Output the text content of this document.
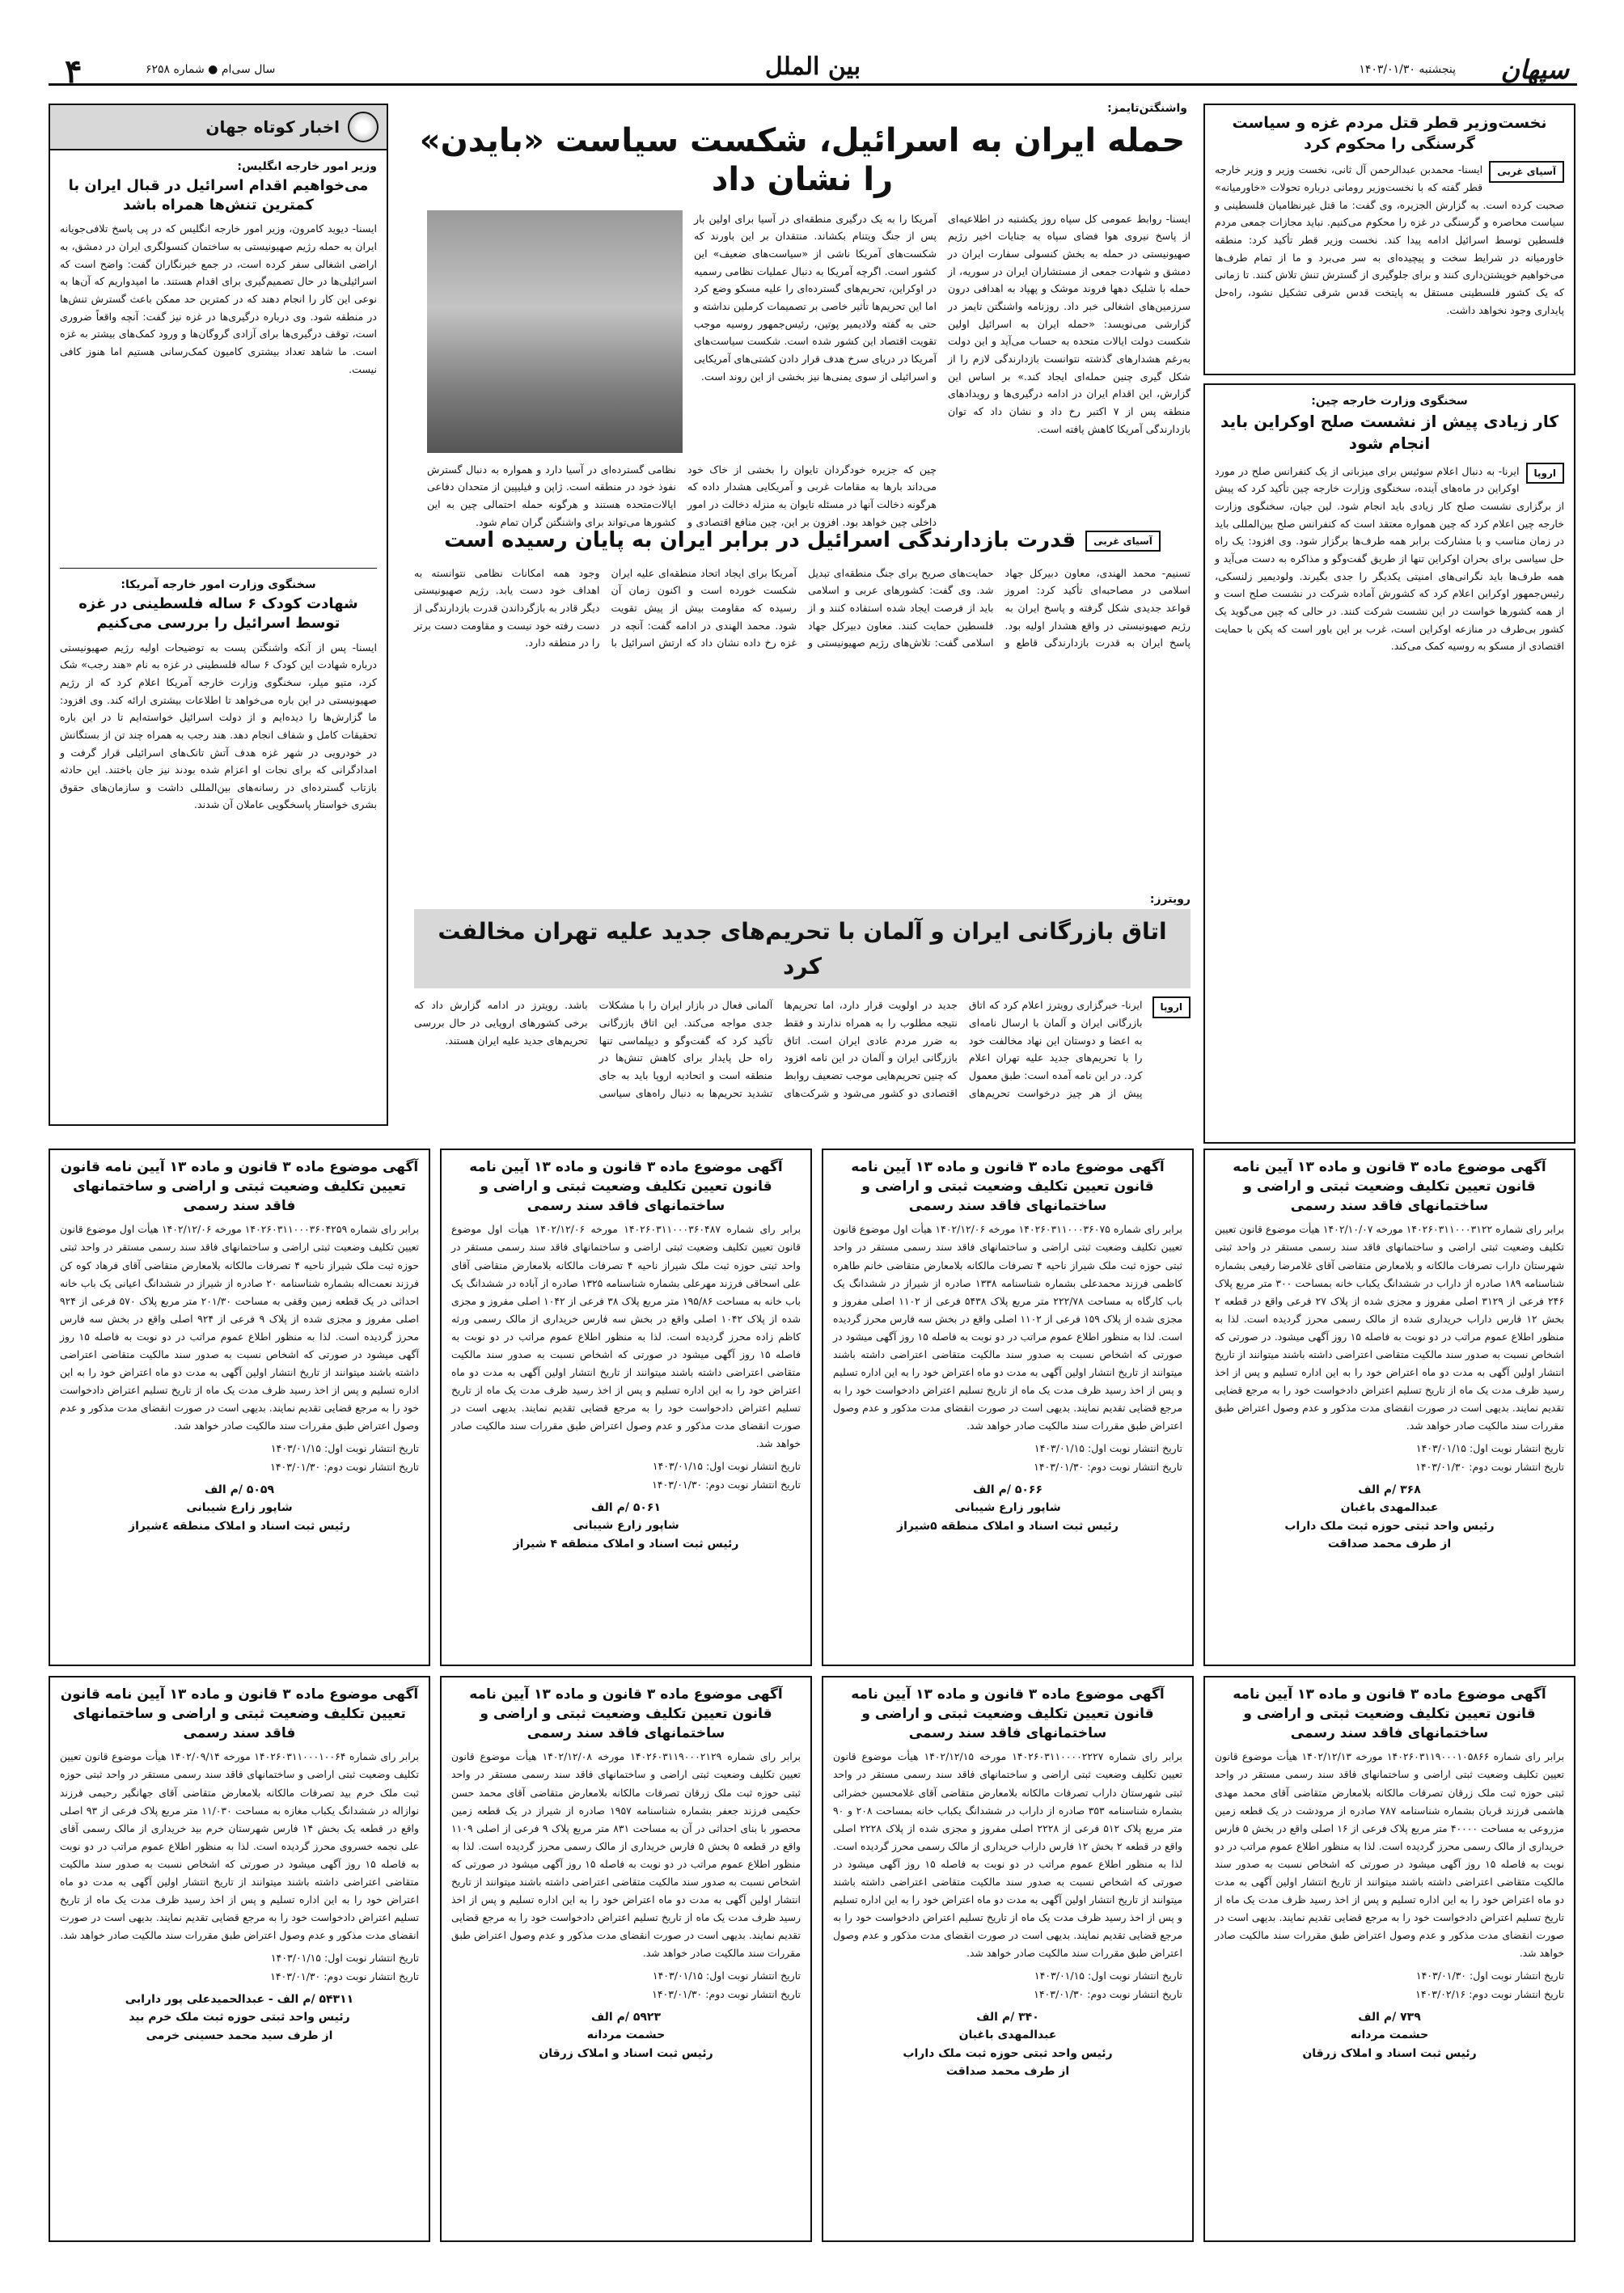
سپهان
پنجشنبه ۱۴۰۳/۰۱/۳۰
بین الملل
سال سی‌ام ● شماره ۶۲۵۸
۴
نخست‌وزیر قطر قتل مردم غزه و سیاست گرسنگی را محکوم کرد
آسیای غربی
ایسنا- محمدبن عبدالرحمن آل ثانی، نخست وزیر و وزیر خارجه قطر گفته که با نخست‌وزیر رومانی درباره تحولات «خاورمیانه» صحبت کرده است. به گزارش الجزیره، وی گفت: ما قتل غیرنظامیان فلسطینی و سیاست محاصره و گرسنگی در غزه را محکوم می‌کنیم. نباید مجازات جمعی مردم فلسطین توسط اسرائیل ادامه پیدا کند. نخست وزیر قطر تأکید کرد: منطقه خاورمیانه در شرایط سخت و پیچیده‌ای به سر می‌برد و ما از تمام طرف‌ها می‌خواهیم خویشتن‌داری کنند و برای جلوگیری از گسترش تنش تلاش کنند. تا زمانی که یک کشور فلسطینی مستقل به پایتخت قدس شرقی تشکیل نشود، راه‌حل پایداری وجود نخواهد داشت.
سخنگوی وزارت خارجه چین:
کار زیادی پیش از نشست صلح اوکراین باید انجام شود
اروپا
ایرنا- به دنبال اعلام سوئیس برای میزبانی از یک کنفرانس صلح در مورد اوکراین در ماه‌های آینده، سخنگوی وزارت خارجه چین تأکید کرد که پیش از برگزاری نشست صلح کار زیادی باید انجام شود. لین جیان، سخنگوی وزارت خارجه چین اعلام کرد که چین همواره معتقد است که کنفرانس صلح بین‌المللی باید در زمان مناسب و با مشارکت برابر همه طرف‌ها برگزار شود. وی افزود: یک راه حل سیاسی برای بحران اوکراین تنها از طریق گفت‌وگو و مذاکره به دست می‌آید و همه طرف‌ها باید نگرانی‌های امنیتی یکدیگر را جدی بگیرند. ولودیمیر زلنسکی، رئیس‌جمهور اوکراین اعلام کرد که کشورش آماده شرکت در نشست صلح است و از همه کشورها خواست در این نشست شرکت کنند. در حالی که چین می‌گوید یک کشور بی‌طرف در منازعه اوکراین است، غرب بر این باور است که پکن با حمایت اقتصادی از مسکو به روسیه کمک می‌کند.
واشنگتن‌تایمز:
حمله ایران به اسرائیل، شکست سیاست «بایدن» را نشان داد
ایسنا- روابط عمومی کل سپاه روز یکشنبه در اطلاعیه‌ای از پاسخ نیروی هوا فضای سپاه به جنایات اخیر رژیم صهیونیستی در حمله به بخش کنسولی سفارت ایران در دمشق و شهادت جمعی از مستشاران ایران در سوریه، از حمله با شلیک دهها فروند موشک و پهپاد به اهدافی درون سرزمین‌های اشغالی خبر داد. روزنامه واشنگتن تایمز در گزارشی می‌نویسد: «حمله ایران به اسرائیل اولین شکست دولت ایالات متحده به حساب می‌آید و این دولت به‌رغم هشدارهای گذشته نتوانست بازدارندگی لازم را از شکل گیری چنین حمله‌ای ایجاد کند.» بر اساس این گزارش، این اقدام ایران در ادامه درگیری‌ها و رویدادهای منطقه پس از ۷ اکتبر رخ داد و نشان داد که توان بازدارندگی آمریکا کاهش یافته است.
آمریکا را به یک درگیری منطقه‌ای در آسیا برای اولین بار پس از جنگ ویتنام بکشاند. منتقدان بر این باورند که شکست‌های آمریکا ناشی از «سیاست‌های ضعیف» این کشور است. اگرچه آمریکا به دنبال عملیات نظامی رسمیه در اوکراین، تحریم‌های گسترده‌ای را علیه مسکو وضع کرد اما این تحریم‌ها تأثیر خاصی بر تصمیمات کرملین نداشته و حتی به گفته ولادیمیر پوتین، رئیس‌جمهور روسیه موجب تقویت اقتصاد این کشور شده است. شکست سیاست‌های آمریکا در دریای سرخ هدف قرار دادن کشتی‌های آمریکایی و اسرائیلی از سوی یمنی‌ها نیز بخشی از این روند است.
چین که جزیره خودگردان تایوان را بخشی از خاک خود می‌داند بارها به مقامات غربی و آمریکایی هشدار داده که هرگونه دخالت آنها در مسئله تایوان به منزله دخالت در امور داخلی چین خواهد بود. افزون بر این، چین منافع اقتصادی و نظامی گسترده‌ای در آسیا دارد و همواره به دنبال گسترش نفوذ خود در منطقه است. ژاپن و فیلیپین از متحدان دفاعی ایالات‌متحده هستند و هرگونه حمله احتمالی چین به این کشورها می‌تواند برای واشنگتن گران تمام شود.
اخبار کوتاه جهان
وزیر امور خارجه انگلیس:
می‌خواهیم اقدام اسرائیل در قبال ایران با کمترین تنش‌ها همراه باشد
ایسنا- دیوید کامرون، وزیر امور خارجه انگلیس که در پی پاسخ تلافی‌جویانه ایران به حمله رژیم صهیونیستی به ساختمان کنسولگری ایران در دمشق، به اراضی اشغالی سفر کرده است، در جمع خبرنگاران گفت: واضح است که اسرائیلی‌ها در حال تصمیم‌گیری برای اقدام هستند. ما امیدواریم که آن‌ها به نوعی این کار را انجام دهند که در کمترین حد ممکن باعث گسترش تنش‌ها در منطقه شود. وی درباره درگیری‌ها در غزه نیز گفت: آنچه واقعاً ضروری است، توقف درگیری‌ها برای آزادی گروگان‌ها و ورود کمک‌های بیشتر به غزه است. ما شاهد تعداد بیشتری کامیون کمک‌رسانی هستیم اما هنوز کافی نیست.
سخنگوی وزارت امور خارجه آمریکا:
شهادت کودک ۶ ساله فلسطینی در غزه توسط اسرائیل را بررسی می‌کنیم
ایسنا- پس از آنکه واشنگتن پست به توضیحات اولیه رژیم صهیونیستی درباره شهادت این کودک ۶ ساله فلسطینی در غزه به نام «هند رجب» شک کرد، متیو میلر، سخنگوی وزارت خارجه آمریکا اعلام کرد که از رژیم صهیونیستی در این باره می‌خواهد تا اطلاعات بیشتری ارائه کند. وی افزود: ما گزارش‌ها را دیده‌ایم و از دولت اسرائیل خواسته‌ایم تا در این باره تحقیقات کامل و شفاف انجام دهد. هند رجب به همراه چند تن از بستگانش در خودرویی در شهر غزه هدف آتش تانک‌های اسرائیلی قرار گرفت و امدادگرانی که برای نجات او اعزام شده بودند نیز جان باختند. این حادثه بازتاب گسترده‌ای در رسانه‌های بین‌المللی داشت و سازمان‌های حقوق بشری خواستار پاسخگویی عاملان آن شدند.
آسیای غربی
قدرت بازدارندگی اسرائیل در برابر ایران به پایان رسیده است
تسنیم- محمد الهندی، معاون دبیرکل جهاد اسلامی در مصاحبه‌ای تأکید کرد: امروز قواعد جدیدی شکل گرفته و پاسخ ایران به رژیم صهیونیستی در واقع هشدار اولیه بود. پاسخ ایران به قدرت بازدارندگی قاطع و حمایت‌های صریح برای جنگ منطقه‌ای تبدیل شد. وی گفت: کشور‌های عربی و اسلامی باید از فرصت ایجاد شده استفاده کنند و از فلسطین حمایت کنند. معاون دبیرکل جهاد اسلامی گفت: تلاش‌های رژیم صهیونیستی و آمریکا برای ایجاد اتحاد منطقه‌ای علیه ایران شکست خورده است و اکنون زمان آن رسیده که مقاومت بیش از پیش تقویت شود. محمد الهندی در ادامه گفت: آنچه در غزه رخ داده نشان داد که ارتش اسرائیل با وجود همه امکانات نظامی نتوانسته به اهداف خود دست یابد. رژیم صهیونیستی دیگر قادر به بازگرداندن قدرت بازدارندگی از دست رفته خود نیست و مقاومت دست برتر را در منطقه دارد.
رویترز:
اتاق بازرگانی ایران و آلمان با تحریم‌های جدید علیه تهران مخالفت کرد
اروپا
ایرنا- خبرگزاری رویترز اعلام کرد که اتاق بازرگانی ایران و آلمان با ارسال نامه‌ای به اعضا و دوستان این نهاد مخالفت خود را با تحریم‌های جدید علیه تهران اعلام کرد. در این نامه آمده است: طبق معمول پیش از هر چیز درخواست تحریم‌های جدید در اولویت قرار دارد، اما تحریم‌ها نتیجه مطلوب را به همراه ندارند و فقط به ضرر مردم عادی ایران است. اتاق بازرگانی ایران و آلمان در این نامه افزود که چنین تحریم‌هایی موجب تضعیف روابط اقتصادی دو کشور می‌شود و شرکت‌های آلمانی فعال در بازار ایران را با مشکلات جدی مواجه می‌کند. این اتاق بازرگانی تأکید کرد که گفت‌وگو و دیپلماسی تنها راه حل پایدار برای کاهش تنش‌ها در منطقه است و اتحادیه اروپا باید به جای تشدید تحریم‌ها به دنبال راه‌های سیاسی باشد. رویترز در ادامه گزارش داد که برخی کشورهای اروپایی در حال بررسی تحریم‌های جدید علیه ایران هستند.
آگهی موضوع ماده ۳ قانون و ماده ۱۳ آیین نامه قانون تعیین تکلیف وضعیت ثبتی و اراضی و ساختمانهای فاقد سند رسمی
برابر رای شماره ۱۴۰۲۶۰۳۱۱۰۰۰۳۱۲۲ مورخه ۱۴۰۲/۱۰/۰۷ هیأت موضوع قانون تعیین تکلیف وضعیت ثبتی اراضی و ساختمانهای فاقد سند رسمی مستقر در واحد ثبتی شهرستان داراب تصرفات مالکانه و بلامعارض متقاضی آقای غلامرضا رفیعی بشماره شناسنامه ۱۸۹ صادره از داراب در ششدانگ یکباب خانه بمساحت ۳۰۰ متر مربع پلاک ۲۴۶ فرعی از ۳۱۲۹ اصلی مفروز و مجزی شده از پلاک ۲۷ فرعی واقع در قطعه ۲ بخش ۱۲ فارس داراب خریداری شده از مالک رسمی محرز گردیده است. لذا به منظور اطلاع عموم مراتب در دو نوبت به فاصله ۱۵ روز آگهی میشود. در صورتی که اشخاص نسبت به صدور سند مالکیت متقاضی اعتراضی داشته باشند میتوانند از تاریخ انتشار اولین آگهی به مدت دو ماه اعتراض خود را به این اداره تسلیم و پس از اخذ رسید ظرف مدت یک ماه از تاریخ تسلیم اعتراض دادخواست خود را به مرجع قضایی تقدیم نمایند. بدیهی است در صورت انقضای مدت مذکور و عدم وصول اعتراض طبق مقررات سند مالکیت صادر خواهد شد.
تاریخ انتشار نوبت اول: ۱۴۰۳/۰۱/۱۵
تاریخ انتشار نوبت دوم: ۱۴۰۳/۰۱/۳۰
۳۶۸ /م الف
عبدالمهدی باغبان
رئیس واحد ثبتی حوزه ثبت ملک داراب
از طرف محمد صداقت
آگهی موضوع ماده ۳ قانون و ماده ۱۳ آیین نامه قانون تعیین تکلیف وضعیت ثبتی و اراضی و ساختمانهای فاقد سند رسمی
برابر رای شماره ۱۴۰۲۶۰۳۱۱۰۰۰۳۶۰۷۵ مورخه ۱۴۰۲/۱۲/۰۶ هیأت اول موضوع قانون تعیین تکلیف وضعیت ثبتی اراضی و ساختمانهای فاقد سند رسمی مستقر در واحد ثبتی حوزه ثبت ملک شیراز ناحیه ۴ تصرفات مالکانه بلامعارض متقاضی خانم طاهره کاظمی فرزند محمدعلی بشماره شناسنامه ۱۳۳۸ صادره از شیراز در ششدانگ یک باب کارگاه به مساحت ۲۲۲/۷۸ متر مربع پلاک ۵۴۳۸ فرعی از ۱۱۰۲ اصلی مفروز و مجزی شده از پلاک ۱۵۹ فرعی از ۱۱۰۲ اصلی واقع در بخش سه فارس محرز گردیده است. لذا به منظور اطلاع عموم مراتب در دو نوبت به فاصله ۱۵ روز آگهی میشود در صورتی که اشخاص نسبت به صدور سند مالکیت متقاضی اعتراضی داشته باشند میتوانند از تاریخ انتشار اولین آگهی به مدت دو ماه اعتراض خود را به این اداره تسلیم و پس از اخذ رسید ظرف مدت یک ماه از تاریخ تسلیم اعتراض دادخواست خود را به مرجع قضایی تقدیم نمایند. بدیهی است در صورت انقضای مدت مذکور و عدم وصول اعتراض طبق مقررات سند مالکیت صادر خواهد شد.
تاریخ انتشار نوبت اول: ۱۴۰۳/۰۱/۱۵
تاریخ انتشار نوبت دوم: ۱۴۰۳/۰۱/۳۰
۵۰۶۶ /م الف
شاپور زارع شیبانی
رئیس ثبت اسناد و املاک منطقه ۵شیراز
آگهی موضوع ماده ۳ قانون و ماده ۱۳ آیین نامه قانون تعیین تکلیف وضعیت ثبتی و اراضی و ساختمانهای فاقد سند رسمی
برابر رای شماره ۱۴۰۲۶۰۳۱۱۰۰۰۳۶۰۴۸۷ مورخه ۱۴۰۲/۱۲/۰۶ هیأت اول موضوع قانون تعیین تکلیف وضعیت ثبتی اراضی و ساختمانهای فاقد سند رسمی مستقر در واحد ثبتی حوزه ثبت ملک شیراز ناحیه ۴ تصرفات مالکانه بلامعارض متقاضی آقای علی اسحاقی فرزند مهرعلی بشماره شناسنامه ۱۳۲۵ صادره از آباده در ششدانگ یک باب خانه به مساحت ۱۹۵/۸۶ متر مربع پلاک ۳۸ فرعی از ۱۰۴۲ اصلی مفروز و مجزی شده از پلاک ۱۰۴۲ اصلی واقع در بخش سه فارس خریداری از مالک رسمی ورثه کاظم زاده محرز گردیده است. لذا به منظور اطلاع عموم مراتب در دو نوبت به فاصله ۱۵ روز آگهی میشود در صورتی که اشخاص نسبت به صدور سند مالکیت متقاضی اعتراضی داشته باشند میتوانند از تاریخ انتشار اولین آگهی به مدت دو ماه اعتراض خود را به این اداره تسلیم و پس از اخذ رسید ظرف مدت یک ماه از تاریخ تسلیم اعتراض دادخواست خود را به مرجع قضایی تقدیم نمایند. بدیهی است در صورت انقضای مدت مذکور و عدم وصول اعتراض طبق مقررات سند مالکیت صادر خواهد شد.
تاریخ انتشار نوبت اول: ۱۴۰۳/۰۱/۱۵
تاریخ انتشار نوبت دوم: ۱۴۰۳/۰۱/۳۰
۵۰۶۱ /م الف
شاپور زارع شیبانی
رئیس ثبت اسناد و املاک منطقه ۴ شیراز
آگهی موضوع ماده ۳ قانون و ماده ۱۳ آیین نامه قانون تعیین تکلیف وضعیت ثبتی و اراضی و ساختمانهای فاقد سند رسمی
برابر رای شماره ۱۴۰۲۶۰۳۱۱۰۰۰۳۶۰۴۲۵۹ مورخه ۱۴۰۲/۱۲/۰۶ هیأت اول موضوع قانون تعیین تکلیف وضعیت ثبتی اراضی و ساختمانهای فاقد سند رسمی مستقر در واحد ثبتی حوزه ثبت ملک شیراز ناحیه ۴ تصرفات مالکانه بلامعارض متقاضی آقای فرهاد کوه کن فرزند نعمت‌اله بشماره شناسنامه ۲۰ صادره از شیراز در ششدانگ اعیانی یک باب خانه احداثی در یک قطعه زمین وقفی به مساحت ۲۰۱/۳۰ متر مربع پلاک ۵۷۰ فرعی از ۹۲۴ اصلی مفروز و مجزی شده از پلاک ۹ فرعی از ۹۲۴ اصلی واقع در بخش سه فارس محرز گردیده است. لذا به منظور اطلاع عموم مراتب در دو نوبت به فاصله ۱۵ روز آگهی میشود در صورتی که اشخاص نسبت به صدور سند مالکیت متقاضی اعتراضی داشته باشند میتوانند از تاریخ انتشار اولین آگهی به مدت دو ماه اعتراض خود را به این اداره تسلیم و پس از اخذ رسید ظرف مدت یک ماه از تاریخ تسلیم اعتراض دادخواست خود را به مرجع قضایی تقدیم نمایند. بدیهی است در صورت انقضای مدت مذکور و عدم وصول اعتراض طبق مقررات سند مالکیت صادر خواهد شد.
تاریخ انتشار نوبت اول: ۱۴۰۳/۰۱/۱۵
تاریخ انتشار نوبت دوم: ۱۴۰۳/۰۱/۳۰
۵۰۵۹ /م الف
شاپور زارع شیبانی
رئیس ثبت اسناد و املاک منطقه ٤شیراز
آگهی موضوع ماده ۳ قانون و ماده ۱۳ آیین نامه قانون تعیین تکلیف وضعیت ثبتی و اراضی و ساختمانهای فاقد سند رسمی
برابر رای شماره ۱۴۰۲۶۰۳۱۱۹۰۰۰۱۰۵۸۶۶ مورخه ۱۴۰۲/۱۲/۱۳ هیأت موضوع قانون تعیین تکلیف وضعیت ثبتی اراضی و ساختمانهای فاقد سند رسمی مستقر در واحد ثبتی حوزه ثبت ملک زرقان تصرفات مالکانه بلامعارض متقاضی آقای محمد مهدی هاشمی فرزند قربان بشماره شناسنامه ۷۸۷ صادره از مرودشت در یک قطعه زمین مزروعی به مساحت ۴۰۰۰۰ متر مربع پلاک فرعی از ۱۶ اصلی واقع در بخش ۵ فارس خریداری از مالک رسمی محرز گردیده است. لذا به منظور اطلاع عموم مراتب در دو نوبت به فاصله ۱۵ روز آگهی میشود در صورتی که اشخاص نسبت به صدور سند مالکیت متقاضی اعتراضی داشته باشند میتوانند از تاریخ انتشار اولین آگهی به مدت دو ماه اعتراض خود را به این اداره تسلیم و پس از اخذ رسید ظرف مدت یک ماه از تاریخ تسلیم اعتراض دادخواست خود را به مرجع قضایی تقدیم نمایند. بدیهی است در صورت انقضای مدت مذکور و عدم وصول اعتراض طبق مقررات سند مالکیت صادر خواهد شد.
تاریخ انتشار نوبت اول: ۱۴۰۳/۰۱/۳۰
تاریخ انتشار نوبت دوم: ۱۴۰۳/۰۲/۱۶
۷۳۹ /م الف
حشمت مردانه
رئیس ثبت اسناد و املاک زرقان
آگهی موضوع ماده ۳ قانون و ماده ۱۳ آیین نامه قانون تعیین تکلیف وضعیت ثبتی و اراضی و ساختمانهای فاقد سند رسمی
برابر رای شماره ۱۴۰۲۶۰۳۱۱۰۰۰۰۲۲۲۷ مورخه ۱۴۰۲/۱۲/۱۵ هیأت موضوع قانون تعیین تکلیف وضعیت ثبتی اراضی و ساختمانهای فاقد سند رسمی مستقر در واحد ثبتی شهرستان داراب تصرفات مالکانه بلامعارض متقاضی آقای غلامحسین خضرائی بشماره شناسنامه ۳۵۳ صادره از داراب در ششدانگ یکباب خانه بمساحت ۲۰۸ و ۹۰ متر مربع پلاک ۵۱۲ فرعی از ۲۲۲۸ اصلی مفروز و مجزی شده از پلاک ۲۲۲۸ اصلی واقع در قطعه ۲ بخش ۱۲ فارس داراب خریداری از مالک رسمی محرز گردیده است. لذا به منظور اطلاع عموم مراتب در دو نوبت به فاصله ۱۵ روز آگهی میشود در صورتی که اشخاص نسبت به صدور سند مالکیت متقاضی اعتراضی داشته باشند میتوانند از تاریخ انتشار اولین آگهی به مدت دو ماه اعتراض خود را به این اداره تسلیم و پس از اخذ رسید ظرف مدت یک ماه از تاریخ تسلیم اعتراض دادخواست خود را به مرجع قضایی تقدیم نمایند. بدیهی است در صورت انقضای مدت مذکور و عدم وصول اعتراض طبق مقررات سند مالکیت صادر خواهد شد.
تاریخ انتشار نوبت اول: ۱۴۰۳/۰۱/۱۵
تاریخ انتشار نوبت دوم: ۱۴۰۳/۰۱/۳۰
۳۴۰ /م الف
عبدالمهدی باغبان
رئیس واحد ثبتی حوزه ثبت ملک داراب
از طرف محمد صداقت
آگهی موضوع ماده ۳ قانون و ماده ۱۳ آیین نامه قانون تعیین تکلیف وضعیت ثبتی و اراضی و ساختمانهای فاقد سند رسمی
برابر رای شماره ۱۴۰۲۶۰۳۱۱۹۰۰۰۲۱۲۹ مورخه ۱۴۰۲/۱۲/۰۸ هیأت موضوع قانون تعیین تکلیف وضعیت ثبتی اراضی و ساختمانهای فاقد سند رسمی مستقر در واحد ثبتی حوزه ثبت ملک زرقان تصرفات مالکانه بلامعارض متقاضی آقای محمد حسن حکیمی فرزند جعفر بشماره شناسنامه ۱۹۵۷ صادره از شیراز در یک قطعه زمین محصور با بنای احداثی در آن به مساحت ۸۳۱ متر مربع پلاک ۹ فرعی از اصلی ۱۱۰۹ واقع در قطعه ۵ بخش ۵ فارس خریداری از مالک رسمی محرز گردیده است. لذا به منظور اطلاع عموم مراتب در دو نوبت به فاصله ۱۵ روز آگهی میشود در صورتی که اشخاص نسبت به صدور سند مالکیت متقاضی اعتراضی داشته باشند میتوانند از تاریخ انتشار اولین آگهی به مدت دو ماه اعتراض خود را به این اداره تسلیم و پس از اخذ رسید ظرف مدت یک ماه از تاریخ تسلیم اعتراض دادخواست خود را به مرجع قضایی تقدیم نمایند. بدیهی است در صورت انقضای مدت مذکور و عدم وصول اعتراض طبق مقررات سند مالکیت صادر خواهد شد.
تاریخ انتشار نوبت اول: ۱۴۰۳/۰۱/۱۵
تاریخ انتشار نوبت دوم: ۱۴۰۳/۰۱/۳۰
۵۹۲۳ /م الف
حشمت مردانه
رئیس ثبت اسناد و املاک زرقان
آگهی موضوع ماده ۳ قانون و ماده ۱۳ آیین نامه قانون تعیین تکلیف وضعیت ثبتی و اراضی و ساختمانهای فاقد سند رسمی
برابر رای شماره ۱۴۰۲۶۰۳۱۱۰۰۰۱۰۰۶۴ مورخه ۱۴۰۲/۰۹/۱۴ هیأت موضوع قانون تعیین تکلیف وضعیت ثبتی اراضی و ساختمانهای فاقد سند رسمی مستقر در واحد ثبتی حوزه ثبت ملک خرم بید تصرفات مالکانه بلامعارض متقاضی آقای جهانگیر رحیمی فرزند نوازاله در ششدانگ یکباب مغازه به مساحت ۱۱/۰۳۰ متر مربع پلاک فرعی از ۹۳ اصلی واقع در قطعه یک بخش ۱۴ فارس شهرستان خرم بید خریداری از مالک رسمی آقای علی نجمه خسروی محرز گردیده است. لذا به منظور اطلاع عموم مراتب در دو نوبت به فاصله ۱۵ روز آگهی میشود در صورتی که اشخاص نسبت به صدور سند مالکیت متقاضی اعتراضی داشته باشند میتوانند از تاریخ انتشار اولین آگهی به مدت دو ماه اعتراض خود را به این اداره تسلیم و پس از اخذ رسید ظرف مدت یک ماه از تاریخ تسلیم اعتراض دادخواست خود را به مرجع قضایی تقدیم نمایند. بدیهی است در صورت انقضای مدت مذکور و عدم وصول اعتراض طبق مقررات سند مالکیت صادر خواهد شد.
تاریخ انتشار نوبت اول: ۱۴۰۳/۰۱/۱۵
تاریخ انتشار نوبت دوم: ۱۴۰۳/۰۱/۳۰
۵۴۳۱۱ /م الف - عبدالحمیدعلی پور دارابی
رئیس واحد ثبتی حوزه ثبت ملک خرم بید
از طرف سید محمد حسینی خرمی
